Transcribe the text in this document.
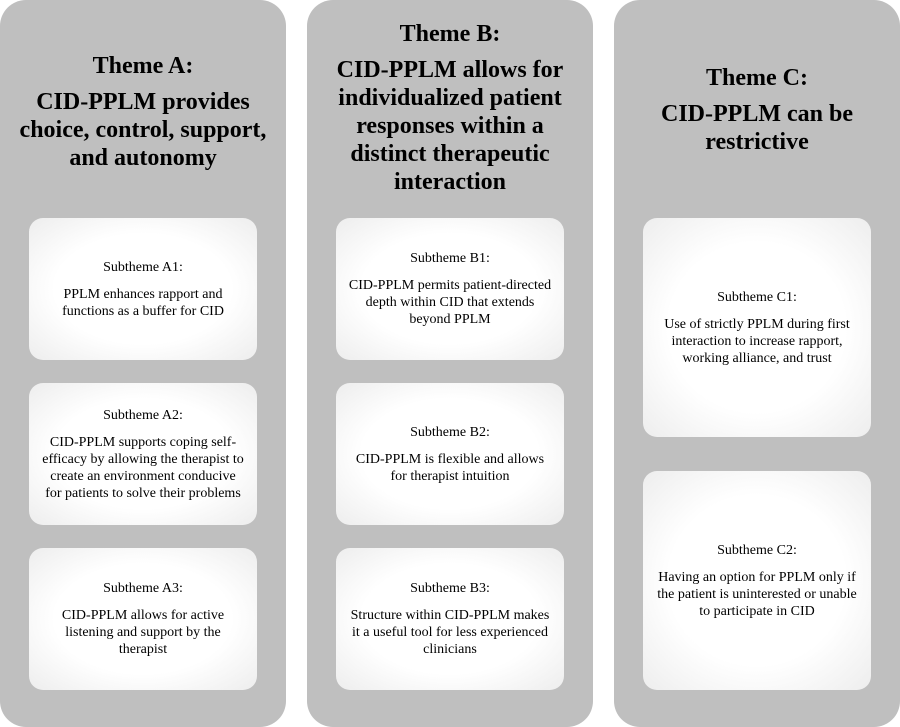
Theme A:
CID-PPLM provides choice, control, support, and autonomy
Subtheme A1:
PPLM enhances rapport and functions as a buffer for CID
Subtheme A2:
CID-PPLM supports coping self-efficacy by allowing the therapist to create an environment conducive for patients to solve their problems
Subtheme A3:
CID-PPLM allows for active listening and support by the therapist
Theme B:
CID-PPLM allows for individualized patient responses within a distinct therapeutic interaction
Subtheme B1:
CID-PPLM permits patient-directed depth within CID that extends beyond PPLM
Subtheme B2:
CID-PPLM is flexible and allows for therapist intuition
Subtheme B3:
Structure within CID-PPLM makes it a useful tool for less experienced clinicians
Theme C:
CID-PPLM can be restrictive
Subtheme C1:
Use of strictly PPLM during first interaction to increase rapport, working alliance, and trust
Subtheme C2:
Having an option for PPLM only if the patient is uninterested or unable to participate in CID
